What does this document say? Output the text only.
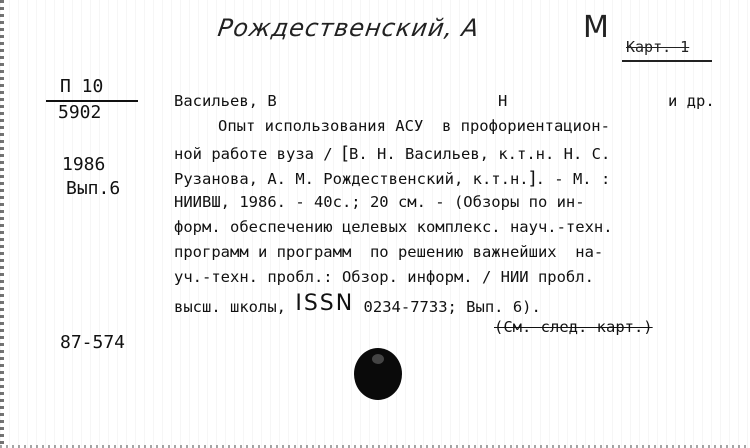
Рождественский, А	М
Карт. 1
П 10
5902
1986
Вып.6
87-574

Васильев, В

	Н

	и др.

Опыт использования АСУ  в профориентацион-
ной работе вуза / [В. Н. Васильев, к.т.н. Н. С.
Рузанова, А. М. Рождественский, к.т.н.]. - М. :
НИИВШ, 1986. - 40с.; 20 см. - (Обзоры по ин-
форм. обеспечению целевых комплекс. науч.-техн.
программ и программ  по решению важнейших  на-
уч.-техн. пробл.: Обзор. информ. / НИИ пробл.
высш. школы, ISSN 0234-7733; Вып. 6).
(См. след. карт.)
